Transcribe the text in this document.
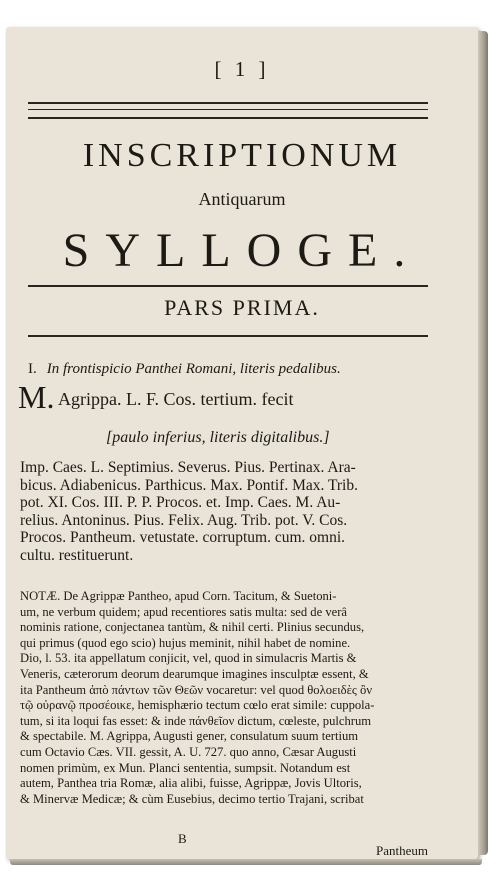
[ 1 ]
INSCRIPTIONUM
Antiquarum
SYLLOGE.
PARS PRIMA.
I. In frontispicio Panthei Romani, literis pedalibus.
M. Agrippa. L. F. Cos. tertium. fecit
[paulo inferius, literis digitalibus.]
Imp. Caes. L. Septimius. Severus. Pius. Pertinax. Ara-
bicus. Adiabenicus. Parthicus. Max. Pontif. Max. Trib.
pot. XI. Cos. III. P. P. Procos. et. Imp. Caes. M. Au-
relius. Antoninus. Pius. Felix. Aug. Trib. pot. V. Cos.
Procos. Pantheum. vetustate. corruptum. cum. omni.
cultu. restituerunt.
NOTÆ. De Agrippæ Pantheo, apud Corn. Tacitum, & Suetoni-
um, ne verbum quidem; apud recentiores satis multa: sed de verâ
nominis ratione, conjectanea tantùm, & nihil certi. Plinius secundus,
qui primus (quod ego scio) hujus meminit, nihil habet de nomine.
Dio, l. 53. ita appellatum conjicit, vel, quod in simulacris Martis &
Veneris, cæterorum deorum dearumque imagines insculptæ essent, &
ita Pantheum ἀπὸ πάντων τῶν Θεῶν vocaretur: vel quod θολοειδὲς ὂν
τῷ οὐρανῷ προσέοικε, hemisphærio tectum cœlo erat simile: cuppola-
tum, si ita loqui fas esset: & inde πάνθεῖον dictum, cœleste, pulchrum
& spectabile. M. Agrippa, Augusti gener, consulatum suum tertium
cum Octavio Cæs. VII. gessit, A. U. 727. quo anno, Cæsar Augusti
nomen primùm, ex Mun. Planci sententia, sumpsit. Notandum est
autem, Panthea tria Romæ, alia alibi, fuisse, Agrippæ, Jovis Ultoris,
& Minervæ Medicæ; & cùm Eusebius, decimo tertio Trajani, scribat
B
Pantheum
